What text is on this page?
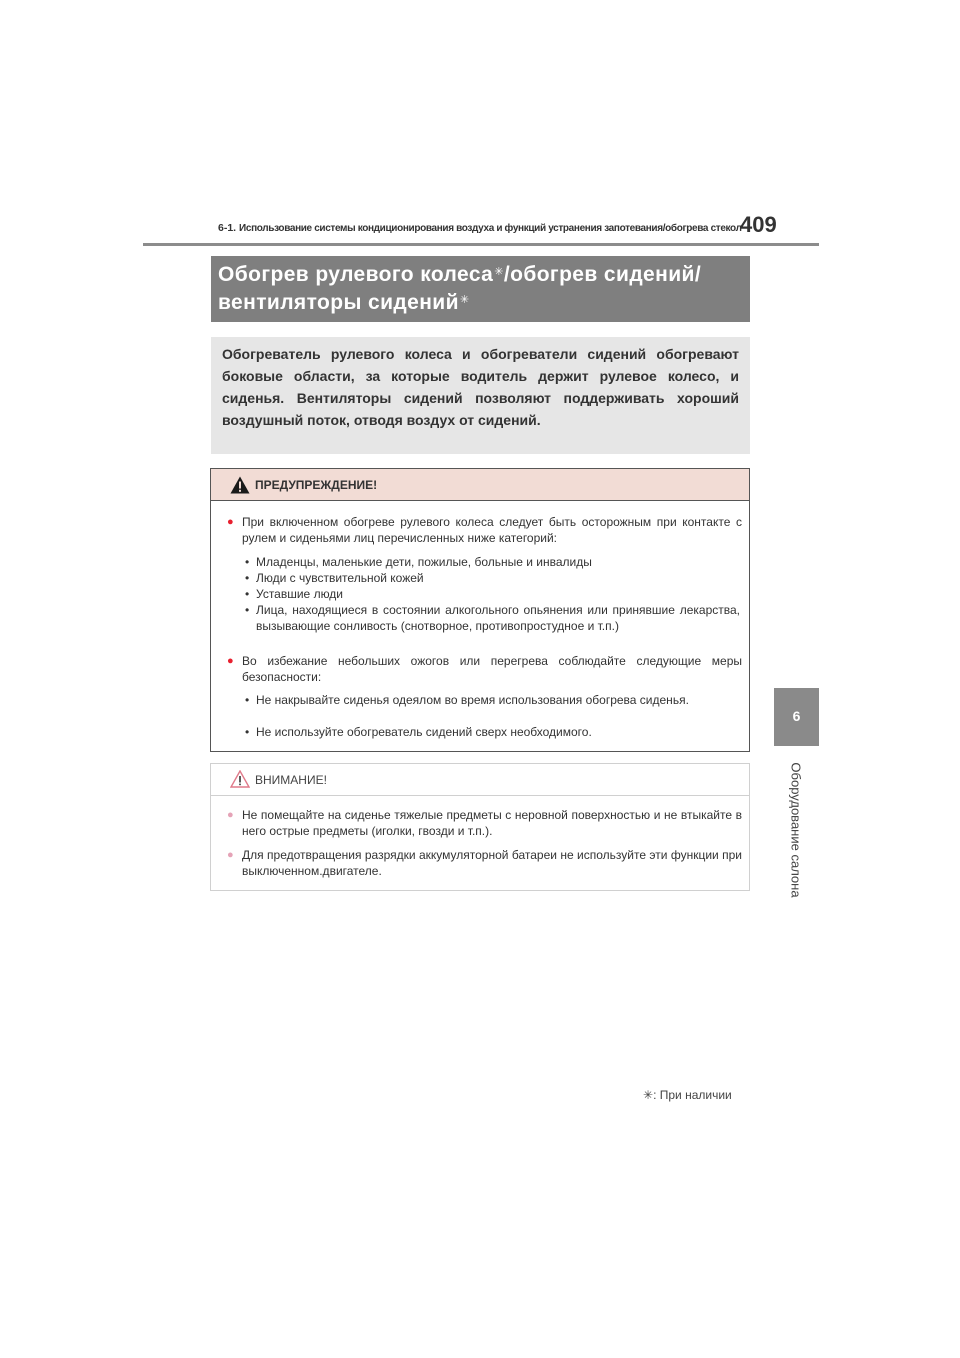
6-1. Использование системы кондиционирования воздуха и функций устранения запотевания/обогрева стекол
409
6
Оборудование салона
Обогрев рулевого колеса✳/обогрев сидений/
вентиляторы сидений✳
Обогреватель рулевого колеса и обогреватели сидений обогревают боковые области, за которые водитель держит рулевое колесо, и сиденья. Вентиляторы сидений позволяют поддерживать хороший воздушный поток, отводя воздух от сидений.
ПРЕДУПРЕЖДЕНИЕ!
● При включенном обогреве рулевого колеса следует быть осторожным при контакте с рулем и сиденьями лиц перечисленных ниже категорий:
• Младенцы, маленькие дети, пожилые, больные и инвалиды
• Люди с чувствительной кожей
• Уставшие люди
• Лица, находящиеся в состоянии алкогольного опьянения или принявшие лекарства, вызывающие сонливость (снотворное, противопростудное и т.п.)
● Во избежание небольших ожогов или перегрева соблюдайте следующие меры безопасности:
• Не накрывайте сиденья одеялом во время использования обогрева сиденья.
• Не используйте обогреватель сидений сверх необходимого.
ВНИМАНИЕ!
● Не помещайте на сиденье тяжелые предметы с неровной поверхностью и не втыкайте в него острые предметы (иголки, гвозди и т.п.).
● Для предотвращения разрядки аккумуляторной батареи не используйте эти функции при выключенном.двигателе.
✳: При наличии
